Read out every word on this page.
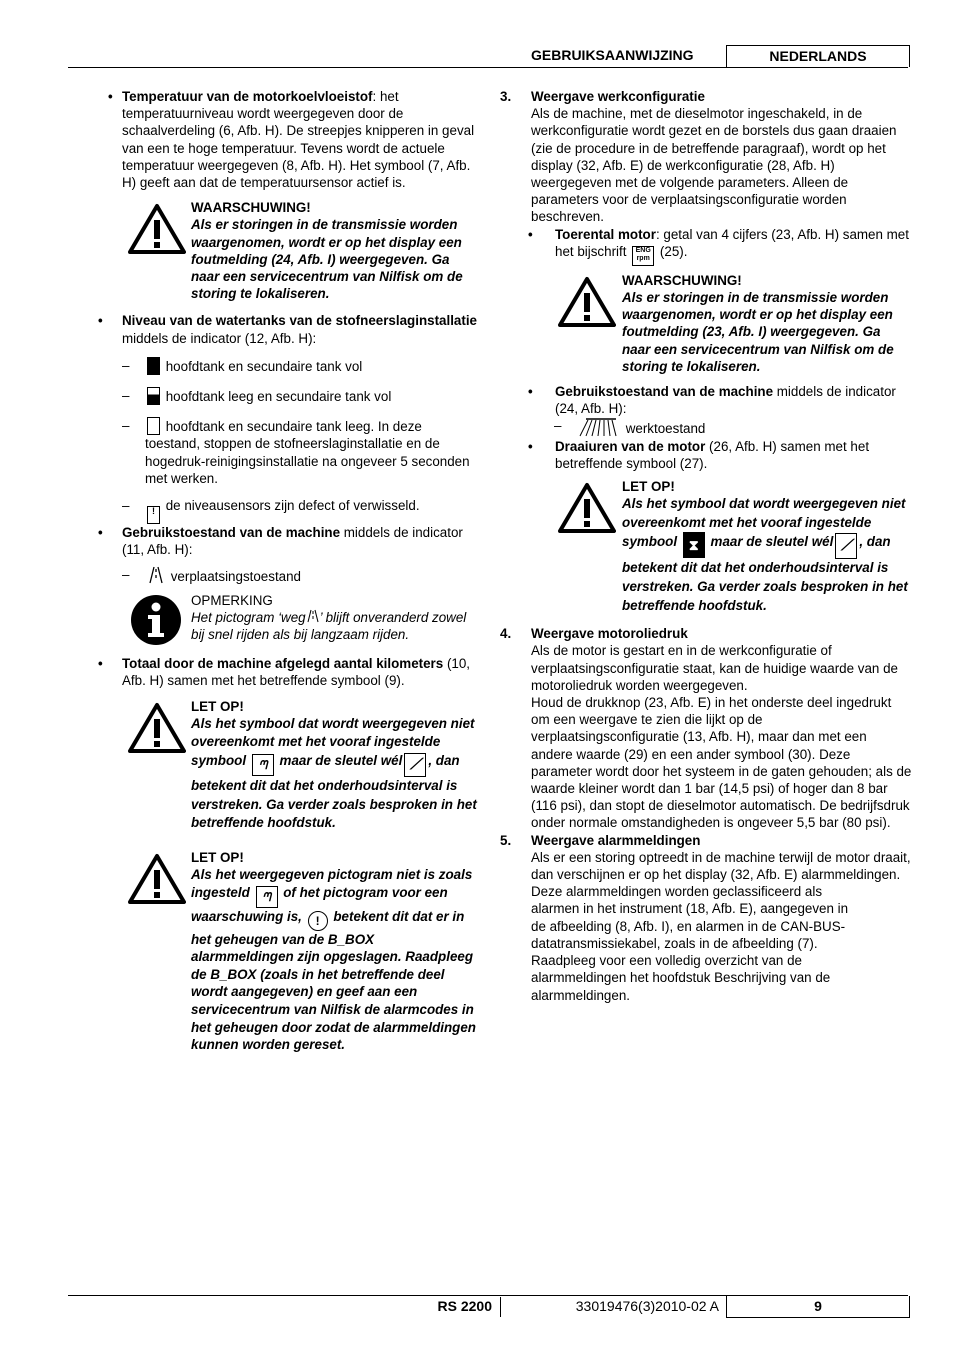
GEBRUIKSAANWIJZING	NEDERLANDS
• Temperatuur van de motorkoelvloeistof: het temperatuurniveau wordt weergegeven door de schaalverdeling (6, Afb. H). De streepjes knipperen in geval van een te hoge temperatuur. Tevens wordt de actuele temperatuur weergegeven (8, Afb. H). Het symbool (7, Afb. H) geeft aan dat de temperatuursensor actief is.
WAARSCHUWING!
Als er storingen in de transmissie worden waargenomen, wordt er op het display een foutmelding (24, Afb. I) weergegeven. Ga naar een servicecentrum van Nilfisk om de storing te lokaliseren.
• Niveau van de watertanks van de stofneerslaginstallatie middels de indicator (12, Afb. H):
–	hoofdtank en secundaire tank vol
–	hoofdtank leeg en secundaire tank vol
–	hoofdtank en secundaire tank leeg. In deze toestand, stoppen de stofneerslaginstallatie en de hogedruk-reinigingsinstallatie na ongeveer 5 seconden met werken.
–	! de niveausensors zijn defect of verwisseld.
• Gebruikstoestand van de machine middels de indicator (11, Afb. H):
–	verplaatsingstoestand
OPMERKING
Het pictogram ‘weg ’ blijft onveranderd zowel bij snel rijden als bij langzaam rijden.
• Totaal door de machine afgelegd aantal kilometers (10, Afb. H) samen met het betreffende symbool (9).
LET OP!
Als het symbool dat wordt weergegeven niet overeenkomt met het vooraf ingestelde symbool ᘉ maar de sleutel wél ⟋ , dan betekent dit dat het onderhoudsinterval is verstreken. Ga verder zoals besproken in het betreffende hoofdstuk.
LET OP!
Als het weergegeven pictogram niet is zoals ingesteld ᘉ of het pictogram voor een waarschuwing is, ! betekent dit dat er in het geheugen van de B_BOX alarmmeldingen zijn opgeslagen. Raadpleeg de B_BOX (zoals in het betreffende deel wordt aangegeven) en geef aan een servicecentrum van Nilfisk de alarmcodes in het geheugen door zodat de alarmmeldingen kunnen worden gereset.
3. Weergave werkconfiguratie
Als de machine, met de dieselmotor ingeschakeld, in de werkconfiguratie wordt gezet en de borstels dus gaan draaien (zie de procedure in de betreffende paragraaf), wordt op het display (32, Afb. E) de werkconfiguratie (28, Afb. H) weergegeven met de volgende parameters. Alleen de parameters voor de verplaatsingsconfiguratie worden beschreven.
• Toerental motor: getal van 4 cijfers (23, Afb. H) samen met het bijschrift ENG rpm (25).
WAARSCHUWING!
Als er storingen in de transmissie worden waargenomen, wordt er op het display een foutmelding (23, Afb. I) weergegeven. Ga naar een servicecentrum van Nilfisk om de storing te lokaliseren.
• Gebruikstoestand van de machine middels de indicator (24, Afb. H):
–	werktoestand
• Draaiuren van de motor (26, Afb. H) samen met het betreffende symbool (27).
LET OP!
Als het symbool dat wordt weergegeven niet overeenkomt met het vooraf ingestelde symbool ⧗ maar de sleutel wél ⟋ , dan betekent dit dat het onderhoudsinterval is verstreken. Ga verder zoals besproken in het betreffende hoofdstuk.
4. Weergave motoroliedruk
Als de motor is gestart en in de werkconfiguratie of verplaatsingsconfiguratie staat, kan de huidige waarde van de motoroliedruk worden weergegeven.
Houd de drukknop (23, Afb. E) in het onderste deel ingedrukt om een weergave te zien die lijkt op de verplaatsingsconfiguratie (13, Afb. H), maar dan met een andere waarde (29) en een ander symbool (30). Deze parameter wordt door het systeem in de gaten gehouden; als de waarde kleiner wordt dan 1 bar (14,5 psi) of hoger dan 8 bar (116 psi), dan stopt de dieselmotor automatisch. De bedrijfsdruk onder normale omstandigheden is ongeveer 5,5 bar (80 psi).
5. Weergave alarmmeldingen
Als er een storing optreedt in de machine terwijl de motor draait, dan verschijnen er op het display (32, Afb. E) alarmmeldingen.
Deze alarmmeldingen worden geclassificeerd als alarmen in het instrument (18, Afb. E), aangegeven in de afbeelding (8, Afb. I), en alarmen in de CAN-BUS-datatransmissiekabel, zoals in de afbeelding (7). Raadpleeg voor een volledig overzicht van de alarmmeldingen het hoofdstuk Beschrijving van de alarmmeldingen.
RS 2200	33019476(3)2010-02 A	9
